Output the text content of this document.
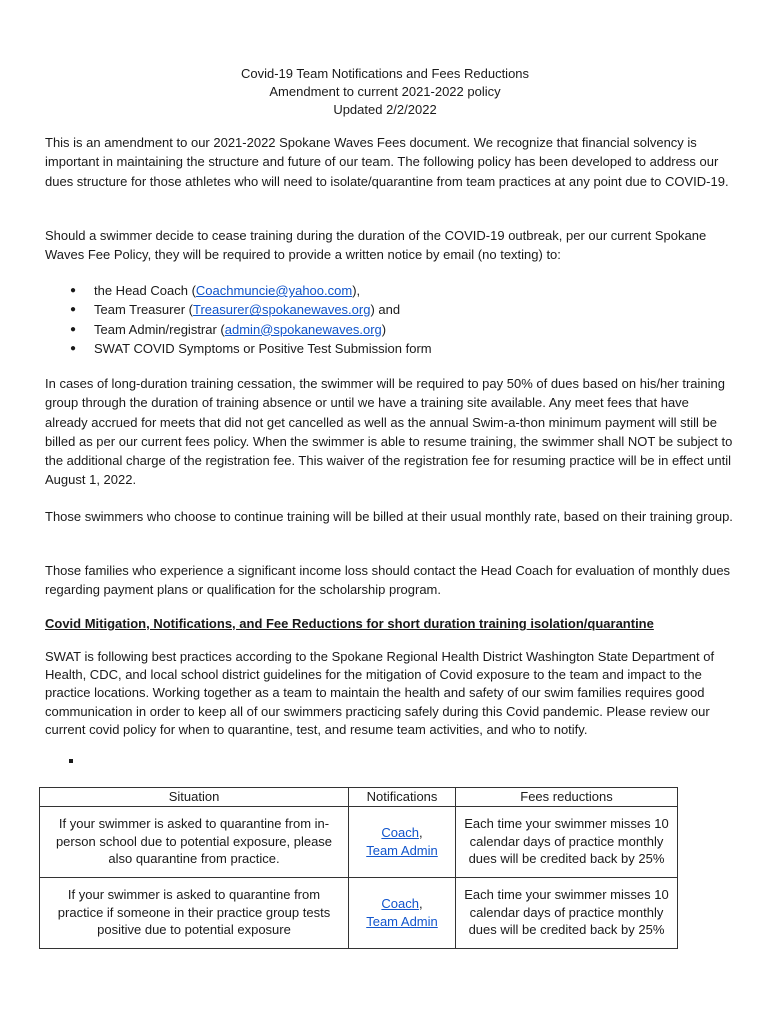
Covid-19 Team Notifications and Fees Reductions
Amendment to current 2021-2022 policy
Updated 2/2/2022

This is an amendment to our 2021-2022 Spokane Waves Fees document. We recognize that financial solvency is important in maintaining the structure and future of our team. The following policy has been developed to address our dues structure for those athletes who will need to isolate/quarantine from team practices at any point due to COVID-19.

Should a swimmer decide to cease training during the duration of the COVID-19 outbreak, per our current Spokane Waves Fee Policy, they will be required to provide a written notice by email (no texting) to:

● the Head Coach (Coachmuncie@yahoo.com),
● Team Treasurer (Treasurer@spokanewaves.org) and
● Team Admin/registrar (admin@spokanewaves.org)
● SWAT COVID Symptoms or Positive Test Submission form

In cases of long-duration training cessation, the swimmer will be required to pay 50% of dues based on his/her training group through the duration of training absence or until we have a training site available. Any meet fees that have already accrued for meets that did not get cancelled as well as the annual Swim-a-thon minimum payment will still be billed as per our current fees policy. When the swimmer is able to resume training, the swimmer shall NOT be subject to the additional charge of the registration fee. This waiver of the registration fee for resuming practice will be in effect until August 1, 2022.

Those swimmers who choose to continue training will be billed at their usual monthly rate, based on their training group.

Those families who experience a significant income loss should contact the Head Coach for evaluation of monthly dues regarding payment plans or qualification for the scholarship program.

Covid Mitigation, Notifications, and Fee Reductions for short duration training isolation/quarantine

SWAT is following best practices according to the Spokane Regional Health District Washington State Department of Health, CDC, and local school district guidelines for the mitigation of Covid exposure to the team and impact to the practice locations. Working together as a team to maintain the health and safety of our swim families requires good communication in order to keep all of our swimmers practicing safely during this Covid pandemic. Please review our current covid policy for when to quarantine, test, and resume team activities, and who to notify.

Situation	Notifications	Fees reductions
If your swimmer is asked to quarantine from in-person school due to potential exposure, please also quarantine from practice.	Coach,
Team Admin	Each time your swimmer misses 10 calendar days of practice monthly dues will be credited back by 25%
If your swimmer is asked to quarantine from practice if someone in their practice group tests positive due to potential exposure	Coach,
Team Admin	Each time your swimmer misses 10 calendar days of practice monthly dues will be credited back by 25%
